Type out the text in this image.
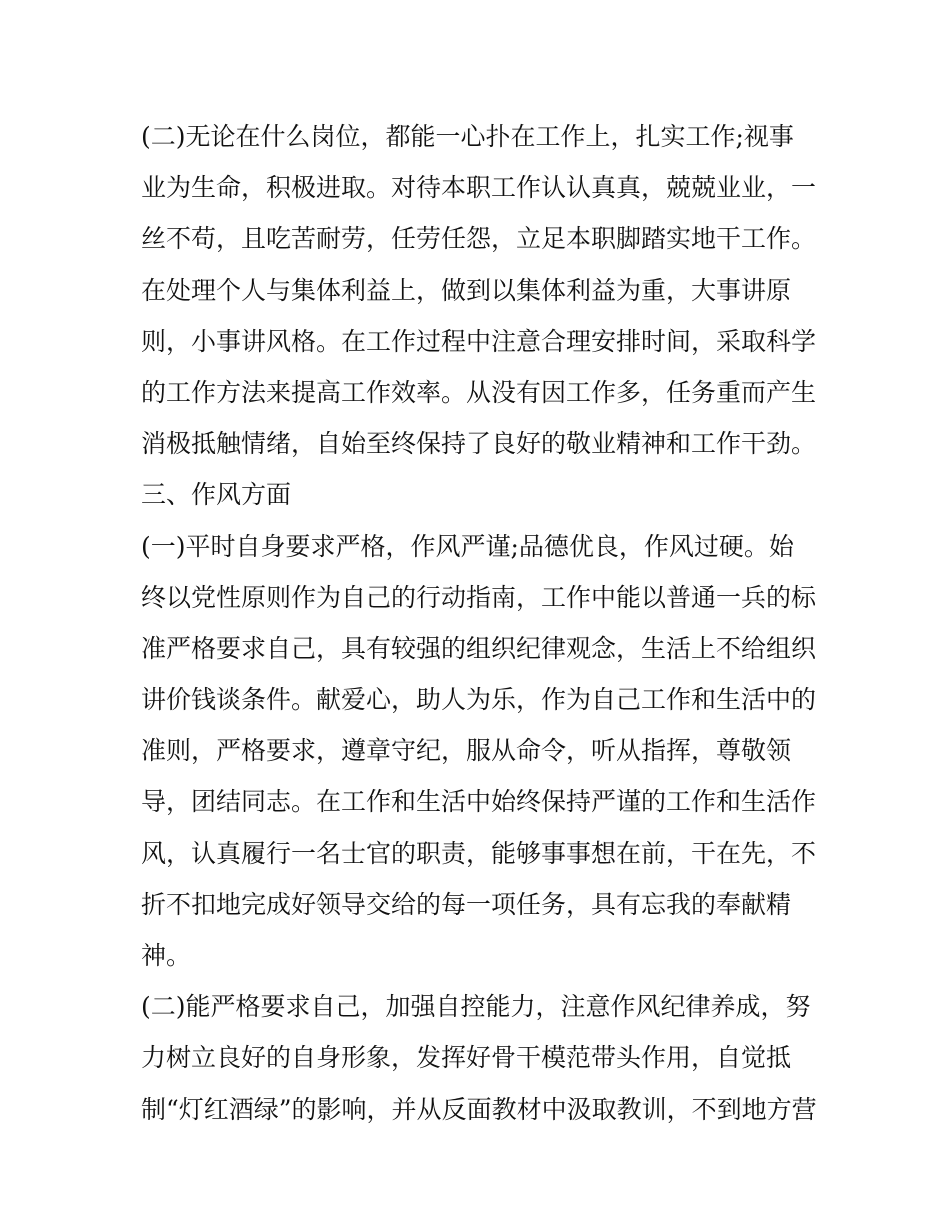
(二)无论在什么岗位，都能一心扑在工作上，扎实工作;视事
业为生命，积极进取。对待本职工作认认真真，兢兢业业，一
丝不苟，且吃苦耐劳，任劳任怨，立足本职脚踏实地干工作。
在处理个人与集体利益上，做到以集体利益为重，大事讲原
则，小事讲风格。在工作过程中注意合理安排时间，采取科学
的工作方法来提高工作效率。从没有因工作多，任务重而产生
消极抵触情绪，自始至终保持了良好的敬业精神和工作干劲。
三、作风方面
(一)平时自身要求严格，作风严谨;品德优良，作风过硬。始
终以党性原则作为自己的行动指南，工作中能以普通一兵的标
准严格要求自己，具有较强的组织纪律观念，生活上不给组织
讲价钱谈条件。献爱心，助人为乐，作为自己工作和生活中的
准则，严格要求，遵章守纪，服从命令，听从指挥，尊敬领
导，团结同志。在工作和生活中始终保持严谨的工作和生活作
风，认真履行一名士官的职责，能够事事想在前，干在先，不
折不扣地完成好领导交给的每一项任务，具有忘我的奉献精
神。
(二)能严格要求自己，加强自控能力，注意作风纪律养成，努
力树立良好的自身形象，发挥好骨干模范带头作用，自觉抵
制“灯红酒绿”的影响，并从反面教材中汲取教训，不到地方营
